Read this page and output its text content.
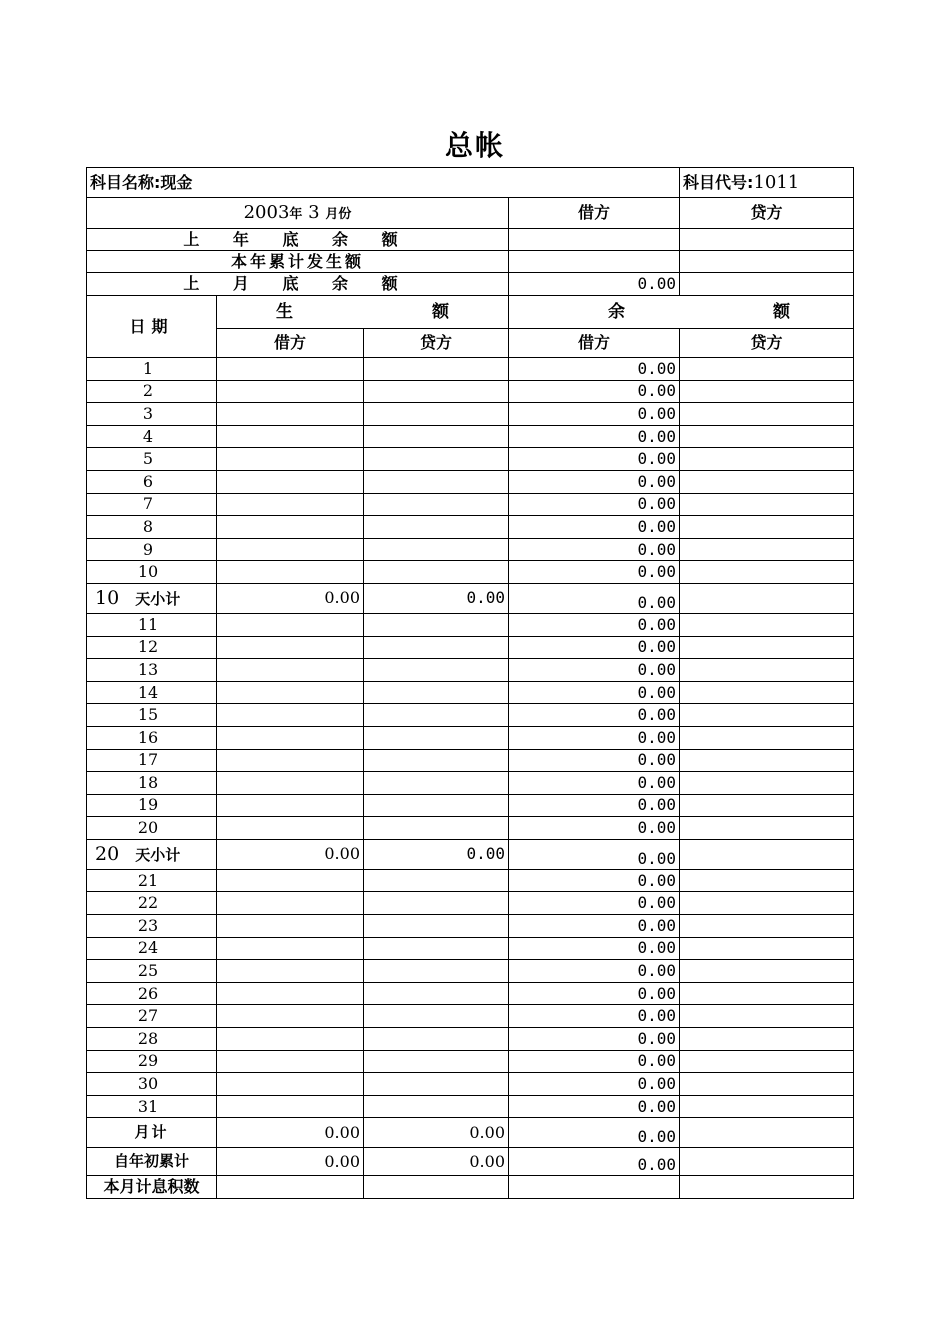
总帐
科目名称:现金				科目代号:1011
2003年 3 月份			借方	贷方
上 年 底 余 额				
本年累计发生额				
上 月 底 余 额			0.00	
日期	生 额		余 额	

	借方	贷方	借方	贷方
1			0.00	
2			0.00	
3			0.00	
4			0.00	
5			0.00	
6			0.00	
7			0.00	
8			0.00	
9			0.00	
10			0.00	
10 天小计	0.00	0.00	0.00	
11			0.00	
12			0.00	
13			0.00	
14			0.00	
15			0.00	
16			0.00	
17			0.00	
18			0.00	
19			0.00	
20			0.00	
20 天小计	0.00	0.00	0.00	
21			0.00	
22			0.00	
23			0.00	
24			0.00	
25			0.00	
26			0.00	
27			0.00	
28			0.00	
29			0.00	
30			0.00	
31			0.00	
月计	0.00	0.00	0.00	
自年初累计	0.00	0.00	0.00	
本月计息积数				
